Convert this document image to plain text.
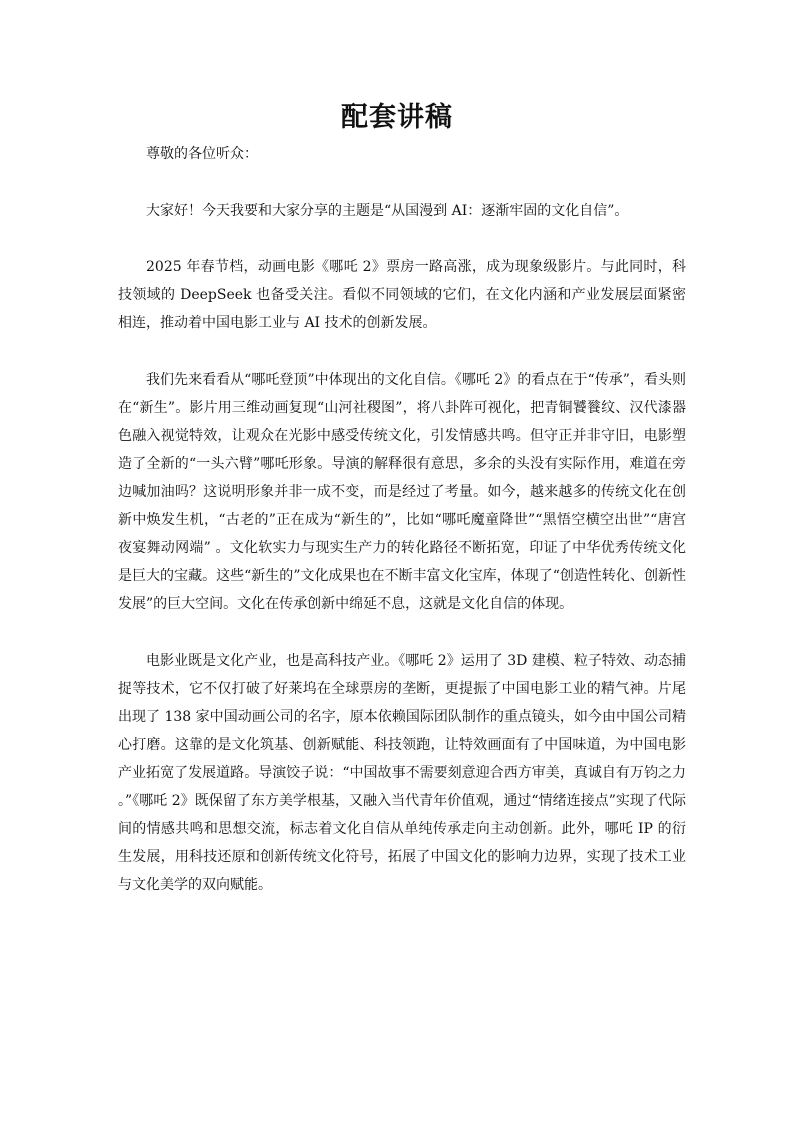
配套讲稿

尊敬的各位听众：

大家好！今天我要和大家分享的主题是“从国漫到 AI：逐渐牢固的文化自信”。

2025 年春节档，动画电影《哪吒 2》票房一路高涨，成为现象级影片。与此同时，科技领域的 DeepSeek 也备受关注。看似不同领域的它们，在文化内涵和产业发展层面紧密相连，推动着中国电影工业与 AI 技术的创新发展。

我们先来看看从“哪吒登顶”中体现出的文化自信。《哪吒 2》的看点在于“传承”，看头则在“新生”。影片用三维动画复现“山河社稷图”，将八卦阵可视化，把青铜饕餮纹、汉代漆器色融入视觉特效，让观众在光影中感受传统文化，引发情感共鸣。但守正并非守旧，电影塑造了全新的“一头六臂”哪吒形象。导演的解释很有意思，多余的头没有实际作用，难道在旁边喊加油吗？这说明形象并非一成不变，而是经过了考量。如今，越来越多的传统文化在创新中焕发生机，“古老的”正在成为“新生的”，比如“哪吒魔童降世”“黑悟空横空出世”“唐宫夜宴舞动网端” 。文化软实力与现实生产力的转化路径不断拓宽，印证了中华优秀传统文化是巨大的宝藏。这些“新生的”文化成果也在不断丰富文化宝库，体现了“创造性转化、创新性发展”的巨大空间。文化在传承创新中绵延不息，这就是文化自信的体现。

电影业既是文化产业，也是高科技产业。《哪吒 2》运用了 3D 建模、粒子特效、动态捕捉等技术，它不仅打破了好莱坞在全球票房的垄断，更提振了中国电影工业的精气神。片尾出现了 138 家中国动画公司的名字，原本依赖国际团队制作的重点镜头，如今由中国公司精心打磨。这靠的是文化筑基、创新赋能、科技领跑，让特效画面有了中国味道，为中国电影产业拓宽了发展道路。导演饺子说：“中国故事不需要刻意迎合西方审美，真诚自有万钧之力 。”《哪吒 2》既保留了东方美学根基，又融入当代青年价值观，通过“情绪连接点”实现了代际间的情感共鸣和思想交流，标志着文化自信从单纯传承走向主动创新。此外，哪吒 IP 的衍生发展，用科技还原和创新传统文化符号，拓展了中国文化的影响力边界，实现了技术工业与文化美学的双向赋能。
